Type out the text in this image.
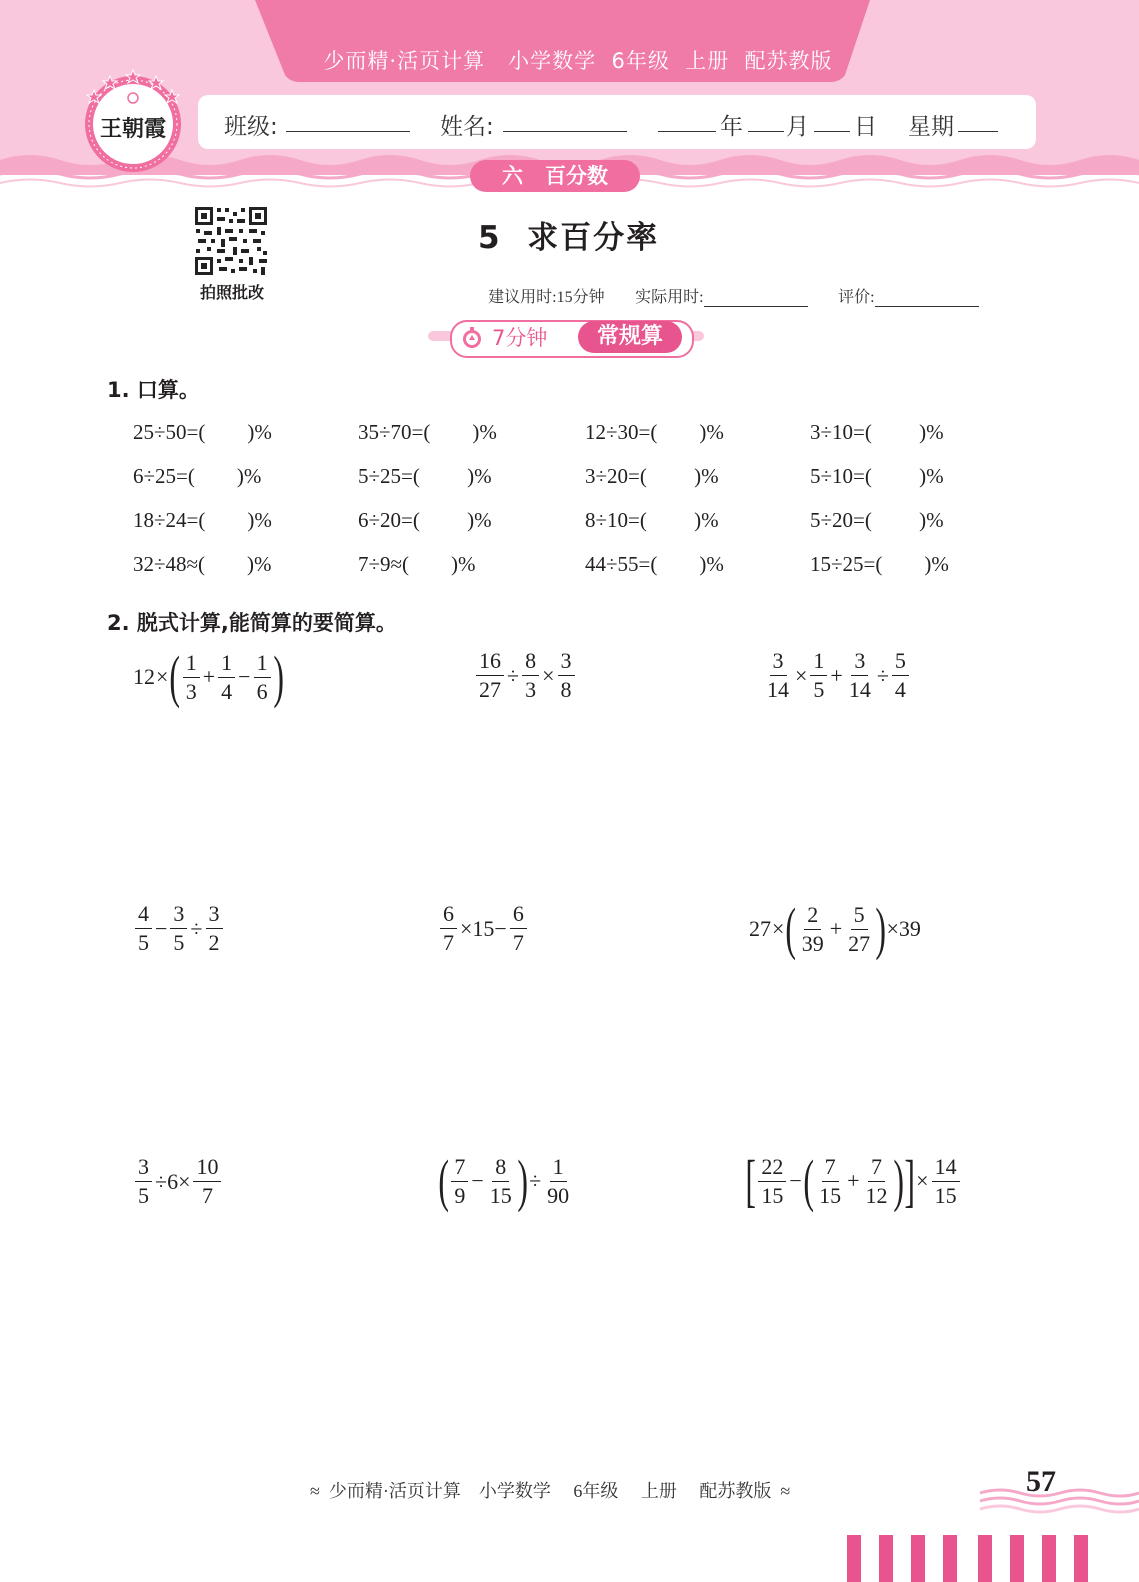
少而精·活页计算   小学数学  6年级  上册  配苏教版
班级:	姓名:	年 月 日 星期
王朝霞
六   百分数
拍照批改
5  求百分率

建议用时:15分钟 实际用时:	评价:

7分钟	常规算
1. 口算。
25÷50=(        )%	35÷70=(        )%	12÷30=(        )%	3÷10=(         )%
6÷25=(        )%	5÷25=(         )%	3÷20=(         )%	5÷10=(         )%
18÷24=(        )%	6÷20=(         )%	8÷10=(         )%	5÷20=(         )%
32÷48≈(        )%	7÷9≈(        )%	44÷55=(        )%	15÷25=(        )%
2. 脱式计算,能简算的要简算。
12 × ( $\frac{1}{3} + \frac{1}{4} - \frac{1}{6}$ )	$\frac{16}{27} \div \frac{8}{3} \times \frac{3}{8}$	$\frac{3}{14} \times \frac{1}{5} + \frac{3}{14} \div \frac{5}{4}$
$\frac{4}{5} - \frac{3}{5} \div \frac{3}{2}$	$\frac{6}{7} \times 15- \frac{6}{7}$	27 × ( $\frac{2}{39} + \frac{5}{27}$ ) ×39
$\frac{3}{5} \div 6\times \frac{10}{7}$	( $\frac{7}{9} - \frac{8}{15}$ ) ÷ $\frac{1}{90}$	[ $\frac{22}{15}$ − ( $\frac{7}{15} + \frac{7}{12}$ ) ] × $\frac{14}{15}$
≈  少而精·活页计算    小学数学     6年级     上册     配苏教版  ≈	57
